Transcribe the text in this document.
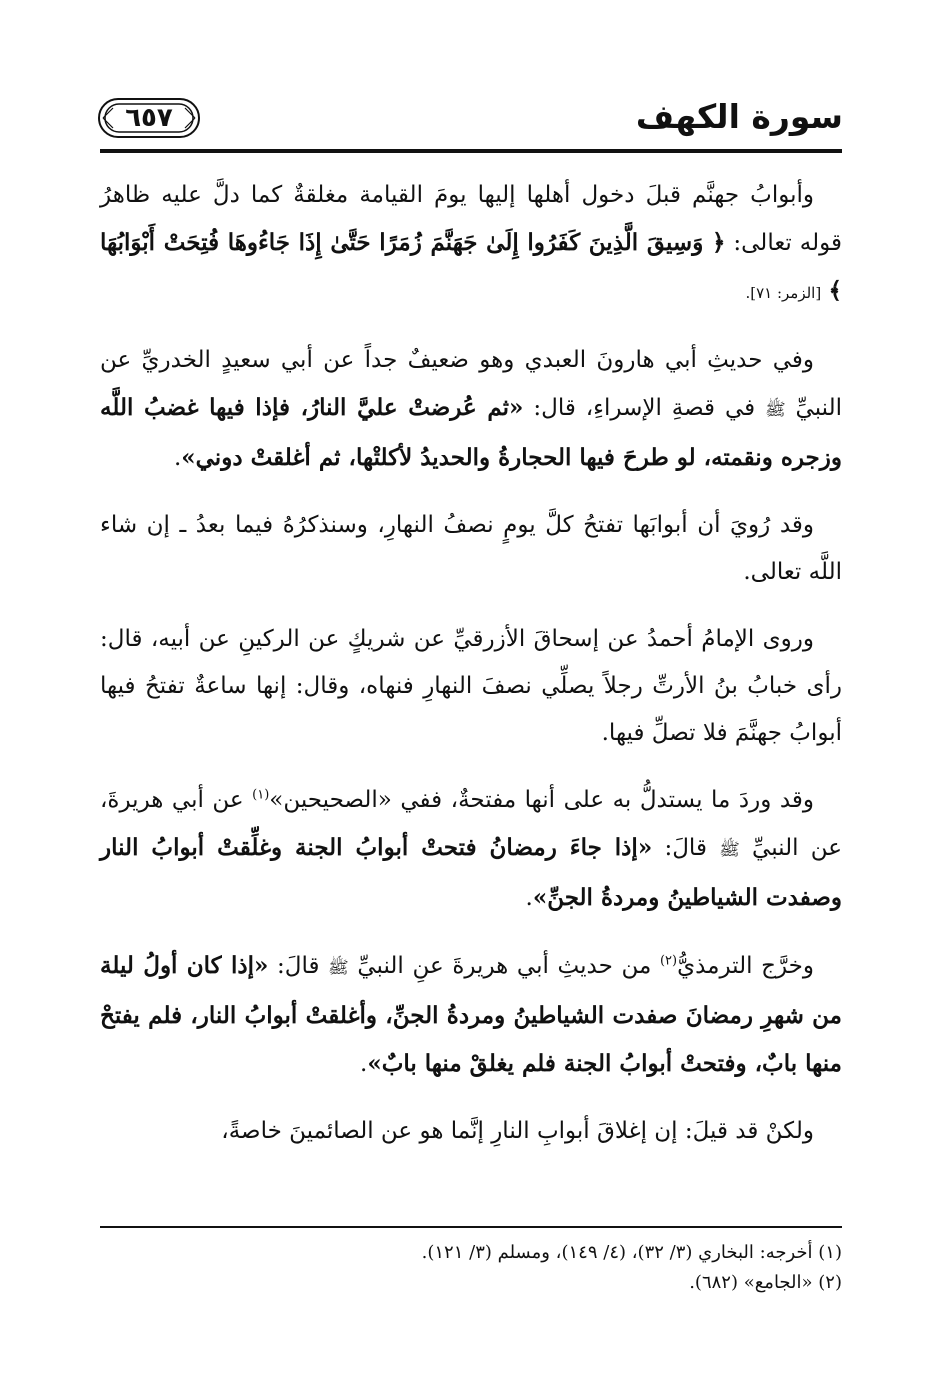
سورة الكهف
٦٥٧

وأبوابُ جهنَّم قبلَ دخول أهلها إليها يومَ القيامة مغلقةٌ كما دلَّ عليه ظاهرُ قوله تعالى: ﴿ وَسِيقَ الَّذِينَ كَفَرُوا إِلَىٰ جَهَنَّمَ زُمَرًا حَتَّىٰ إِذَا جَاءُوهَا فُتِحَتْ أَبْوَابُهَا ﴾ [الزمر: ٧١].

وفي حديثِ أبي هارونَ العبدي وهو ضعيفٌ جداً عن أبي سعيدٍ الخدريِّ عن النبيِّ ﷺ في قصةِ الإسراءِ، قال: «ثم عُرضتْ عليَّ النارُ، فإذا فيها غضبُ اللَّه وزجره ونقمته، لو طرحَ فيها الحجارةُ والحديدُ لأكلتْها، ثم أغلقتْ دوني».

وقد رُويَ أن أبوابَها تفتحُ كلَّ يومٍ نصفُ النهارِ، وسنذكرُهُ فيما بعدُ ـ إن شاء اللَّه تعالى.

وروى الإمامُ أحمدُ عن إسحاقَ الأزرقيِّ عن شريكٍ عن الركينِ عن أبيه، قال: رأى خبابُ بنُ الأرتِّ رجلاً يصلِّي نصفَ النهارِ فنهاه، وقال: إنها ساعةٌ تفتحُ فيها أبوابُ جهنَّمَ فلا تصلِّ فيها.

وقد وردَ ما يستدلُّ به على أنها مفتحةٌ، ففي «الصحيحين»$^{(١)}$ عن أبي هريرةَ، عن النبيِّ ﷺ قالَ: «إذا جاءَ رمضانُ فتحتْ أبوابُ الجنة وغلِّقتْ أبوابُ النار وصفدت الشياطينُ ومردةُ الجنِّ».

وخرَّج الترمذيُّ$^{(٢)}$ من حديثِ أبي هريرةَ عنِ النبيِّ ﷺ قالَ: «إذا كان أولُ ليلة من شهرِ رمضانَ صفدت الشياطينُ ومردةُ الجنِّ، وأغلقتْ أبوابُ النار، فلم يفتحْ منها بابٌ، وفتحتْ أبوابُ الجنة فلم يغلقْ منها بابٌ».

ولكنْ قد قيلَ: إن إغلاقَ أبوابِ النارِ إنَّما هو عن الصائمينَ خاصةً،

(١) أخرجه: البخاري (٣/ ٣٢)، (٤/ ١٤٩)، ومسلم (٣/ ١٢١).

(٢) «الجامع» (٦٨٢).
